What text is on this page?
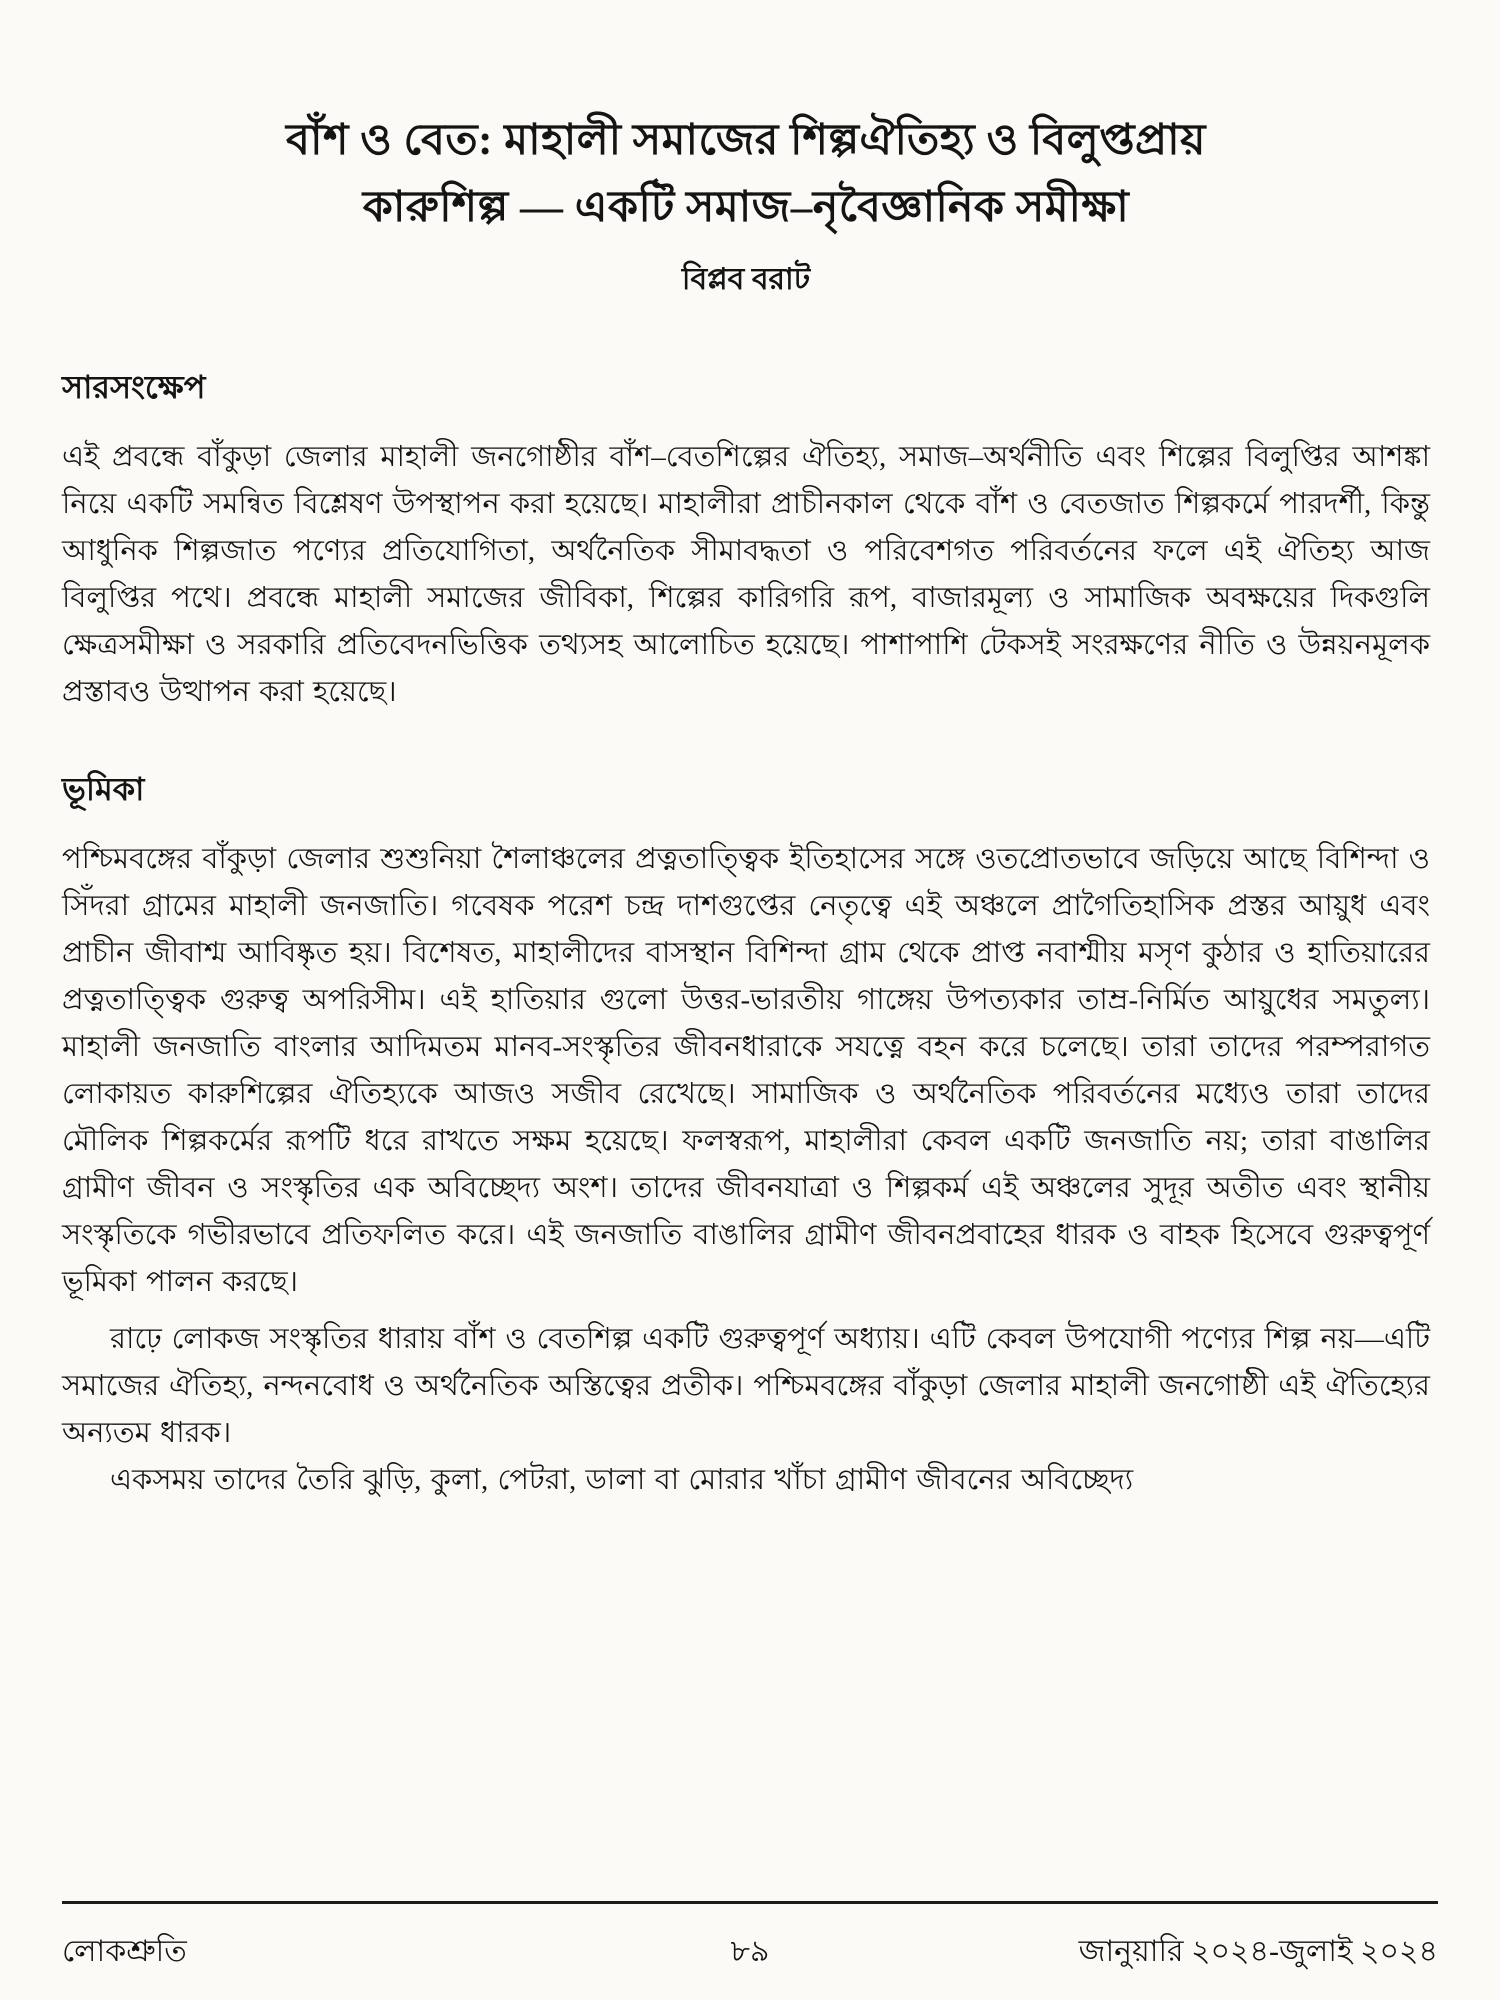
বাঁশ ও বেত: মাহালী সমাজের শিল্পঐতিহ্য ও বিলুপ্তপ্রায়
কারুশিল্প — একটি সমাজ–নৃবৈজ্ঞানিক সমীক্ষা
বিপ্লব বরাট
সারসংক্ষেপ

এই প্রবন্ধে বাঁকুড়া জেলার মাহালী জনগোষ্ঠীর বাঁশ–বেতশিল্পের ঐতিহ্য, সমাজ–অর্থনীতি এবং শিল্পের বিলুপ্তির আশঙ্কা নিয়ে একটি সমন্বিত বিশ্লেষণ উপস্থাপন করা হয়েছে। মাহালীরা প্রাচীনকাল থেকে বাঁশ ও বেতজাত শিল্পকর্মে পারদর্শী, কিন্তু আধুনিক শিল্পজাত পণ্যের প্রতিযোগিতা, অর্থনৈতিক সীমাবদ্ধতা ও পরিবেশগত পরিবর্তনের ফলে এই ঐতিহ্য আজ বিলুপ্তির পথে। প্রবন্ধে মাহালী সমাজের জীবিকা, শিল্পের কারিগরি রূপ, বাজারমূল্য ও সামাজিক অবক্ষয়ের দিকগুলি ক্ষেত্রসমীক্ষা ও সরকারি প্রতিবেদনভিত্তিক তথ্যসহ আলোচিত হয়েছে। পাশাপাশি টেকসই সংরক্ষণের নীতি ও উন্নয়নমূলক প্রস্তাবও উত্থাপন করা হয়েছে।

ভূমিকা

পশ্চিমবঙ্গের বাঁকুড়া জেলার শুশুনিয়া শৈলাঞ্চলের প্রত্নতাত্ত্বিক ইতিহাসের সঙ্গে ওতপ্রোতভাবে জড়িয়ে আছে বিশিন্দা ও সিঁদরা গ্রামের মাহালী জনজাতি। গবেষক পরেশ চন্দ্র দাশগুপ্তের নেতৃত্বে এই অঞ্চলে প্রাগৈতিহাসিক প্রস্তর আয়ুধ এবং প্রাচীন জীবাশ্ম আবিষ্কৃত হয়। বিশেষত, মাহালীদের বাসস্থান বিশিন্দা গ্রাম থেকে প্রাপ্ত নবাশ্মীয় মসৃণ কুঠার ও হাতিয়ারের প্রত্নতাত্ত্বিক গুরুত্ব অপরিসীম। এই হাতিয়ার গুলো উত্তর-ভারতীয় গাঙ্গেয় উপত্যকার তাম্র-নির্মিত আয়ুধের সমতুল্য। মাহালী জনজাতি বাংলার আদিমতম মানব-সংস্কৃতির জীবনধারাকে সযত্নে বহন করে চলেছে। তারা তাদের পরম্পরাগত লোকায়ত কারুশিল্পের ঐতিহ্যকে আজও সজীব রেখেছে। সামাজিক ও অর্থনৈতিক পরিবর্তনের মধ্যেও তারা তাদের মৌলিক শিল্পকর্মের রূপটি ধরে রাখতে সক্ষম হয়েছে। ফলস্বরূপ, মাহালীরা কেবল একটি জনজাতি নয়; তারা বাঙালির গ্রামীণ জীবন ও সংস্কৃতির এক অবিচ্ছেদ্য অংশ। তাদের জীবনযাত্রা ও শিল্পকর্ম এই অঞ্চলের সুদূর অতীত এবং স্থানীয় সংস্কৃতিকে গভীরভাবে প্রতিফলিত করে। এই জনজাতি বাঙালির গ্রামীণ জীবনপ্রবাহের ধারক ও বাহক হিসেবে গুরুত্বপূর্ণ ভূমিকা পালন করছে।

রাঢ়ে লোকজ সংস্কৃতির ধারায় বাঁশ ও বেতশিল্প একটি গুরুত্বপূর্ণ অধ্যায়। এটি কেবল উপযোগী পণ্যের শিল্প নয়—এটি সমাজের ঐতিহ্য, নন্দনবোধ ও অর্থনৈতিক অস্তিত্বের প্রতীক। পশ্চিমবঙ্গের বাঁকুড়া জেলার মাহালী জনগোষ্ঠী এই ঐতিহ্যের অন্যতম ধারক।

একসময় তাদের তৈরি ঝুড়ি, কুলা, পেটরা, ডালা বা মোরার খাঁচা গ্রামীণ জীবনের অবিচ্ছেদ্য

লোকশ্রুতি	৮৯	জানুয়ারি ২০২৪-জুলাই ২০২৪
